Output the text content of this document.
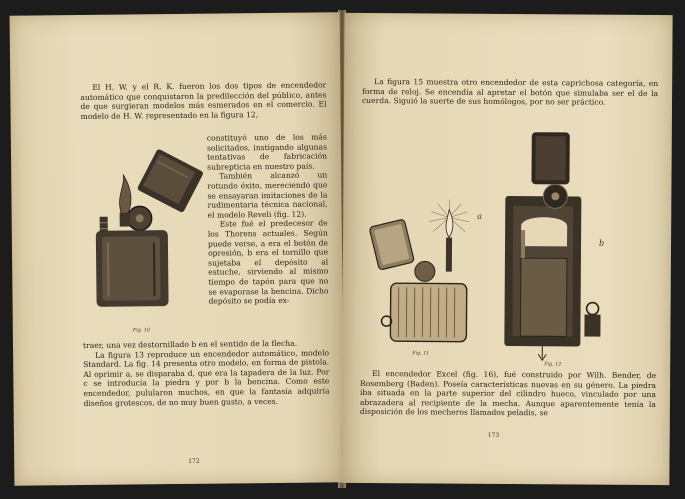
El H. W. y el R. K. fueron los dos tipos de encendedor automático que conquistaron la predilección del público, antes de que surgieran modelos más esmerados en el comercio. El modelo de H. W. representado en la figura 12,

Fig. 10

constituyó uno de los más solicitados, instigando algunas tentativas de fabricación subrepticia en nuestro país.

También alcanzó un rotundo éxito, mereciendo que se ensayaran imitaciones de la rudimentaria técnica nacional, el modelo Reveli (fig. 12).

Este fué el predecesor de los Thorens actuales. Según puede verse, a era el botón de opresión, b era el tornillo que sujetaba el depósito al estuche, sirviendo al mismo tiempo de tapón para que no se evaporase la bencina. Dicho depósito se podía ex-

traer, una vez destornillado b en el sentido de la flecha.

La figura 13 reproduce un encendedor automático, modelo Standard. La fig. 14 presenta otro modelo, en forma de pistola. Al oprimir a, se disparaba d, que era la tapadera de la luz. Por c se introducía la piedra y por b la bencina. Como este encendedor, pulularon muchos, en que la fantasía adquiría diseños grotescos, de no muy buen gusto, a veces.

172

La figura 15 muestra otro encendedor de esta caprichosa categoría, en forma de reloj. Se encendía al apretar el botón que simulaba ser el de la cuerda. Siguió la suerte de sus homólogos, por no ser práctico.

Fig. 11
a
b
Fig. 12

El encendedor Excel (fig. 16), fué construido por Wilh. Bender, de Rosemberg (Baden). Poseía características nuevas en su género. La piedra iba situada en la parte superior del cilindro hueco, vinculado por una abrazadera al recipiente de la mecha. Aunque aparentemente tenía la disposición de los mecheros llamados peladis, se

173
